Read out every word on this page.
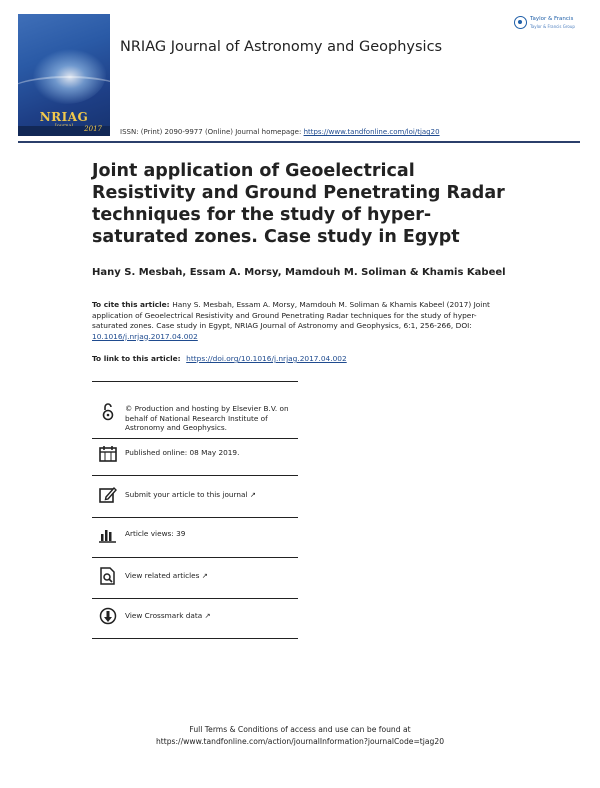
NRIAG
2017
NRIAG Journal of Astronomy and Geophysics
Taylor & Francis
Taylor & Francis Group
ISSN: (Print) 2090-9977 (Online) Journal homepage: https://www.tandfonline.com/loi/tjag20
Joint application of Geoelectrical Resistivity and Ground Penetrating Radar techniques for the study of hyper-saturated zones. Case study in Egypt
Hany S. Mesbah, Essam A. Morsy, Mamdouh M. Soliman & Khamis Kabeel
To cite this article: Hany S. Mesbah, Essam A. Morsy, Mamdouh M. Soliman & Khamis Kabeel (2017) Joint application of Geoelectrical Resistivity and Ground Penetrating Radar techniques for the study of hyper-saturated zones. Case study in Egypt, NRIAG Journal of Astronomy and Geophysics, 6:1, 256-266, DOI: 10.1016/j.nrjag.2017.04.002
To link to this article: https://doi.org/10.1016/j.nrjag.2017.04.002
© Production and hosting by Elsevier B.V. on behalf of National Research Institute of Astronomy and Geophysics.
Published online: 08 May 2019.
Submit your article to this journal ↗
Article views: 39
View related articles ↗
View Crossmark data ↗
Full Terms & Conditions of access and use can be found at
https://www.tandfonline.com/action/journalInformation?journalCode=tjag20
